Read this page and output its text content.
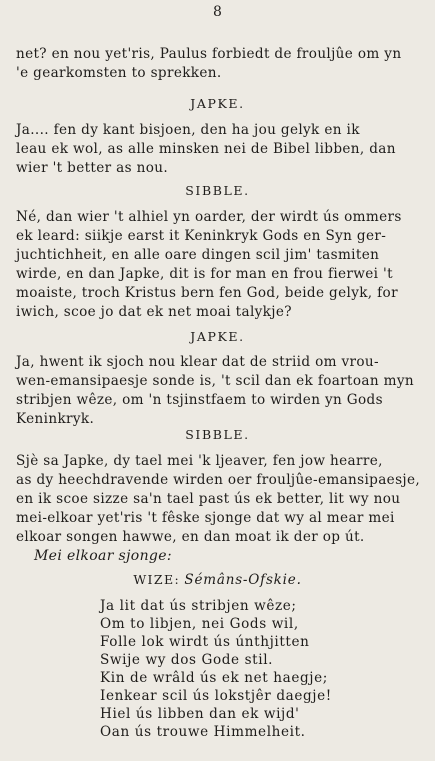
8
net? en nou yet'ris, Paulus forbiedt de frouljûe om yn
'e gearkomsten to sprekken.
JAPKE.
Ja.... fen dy kant bisjoen, den ha jou gelyk en ik
leau ek wol, as alle minsken nei de Bibel libben, dan
wier 't better as nou.
SIBBLE.
Né, dan wier 't alhiel yn oarder, der wirdt ús ommers
ek leard: siikje earst it Keninkryk Gods en Syn ger-
juchtichheit, en alle oare dingen scil jim' tasmiten
wirde, en dan Japke, dit is for man en frou fierwei 't
moaiste, troch Kristus bern fen God, beide gelyk, for
iwich, scoe jo dat ek net moai talykje?
JAPKE.
Ja, hwent ik sjoch nou klear dat de striid om vrou-
wen-emansipaesje sonde is, 't scil dan ek foartoan myn
stribjen wêze, om 'n tsjinstfaem to wirden yn Gods
Keninkryk.
SIBBLE.
Sjè sa Japke, dy tael mei 'k ljeaver, fen jow hearre,
as dy heechdravende wirden oer frouljûe-emansipaesje,
en ik scoe sizze sa'n tael past ús ek better, lit wy nou
mei-elkoar yet'ris 't fêske sjonge dat wy al mear mei
elkoar songen hawwe, en dan moat ik der op út.
Mei elkoar sjonge:
WIZE: Sémâns-Ofskie.
Ja lit dat ús stribjen wêze;
Om to libjen, nei Gods wil,
Folle lok wirdt ús únthjitten
Swije wy dos Gode stil.
Kin de wrâld ús ek net haegje;
Ienkear scil ús lokstjêr daegje!
Hiel ús libben dan ek wijd'
Oan ús trouwe Himmelheit.
